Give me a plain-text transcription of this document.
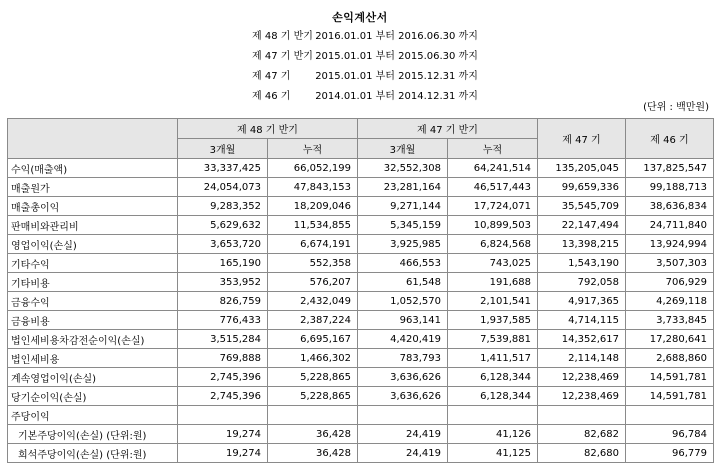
손익계산서
제 48 기 반기 2016.01.01 부터 2016.06.30 까지
제 47 기 반기 2015.01.01 부터 2015.06.30 까지
제 47 기 2015.01.01 부터 2015.12.31 까지
제 46 기 2014.01.01 부터 2014.12.31 까지
(단위 : 백만원)
	제 48 기 반기		제 47 기 반기		제 47 기	제 46 기
	3개월	누적	3개월	누적		
수익(매출액)	33,337,425	66,052,199	32,552,308	64,241,514	135,205,045	137,825,547
매출원가	24,054,073	47,843,153	23,281,164	46,517,443	99,659,336	99,188,713
매출총이익	9,283,352	18,209,046	9,271,144	17,724,071	35,545,709	38,636,834
판매비와관리비	5,629,632	11,534,855	5,345,159	10,899,503	22,147,494	24,711,840
영업이익(손실)	3,653,720	6,674,191	3,925,985	6,824,568	13,398,215	13,924,994
기타수익	165,190	552,358	466,553	743,025	1,543,190	3,507,303
기타비용	353,952	576,207	61,548	191,688	792,058	706,929
금융수익	826,759	2,432,049	1,052,570	2,101,541	4,917,365	4,269,118
금융비용	776,433	2,387,224	963,141	1,937,585	4,714,115	3,733,845
법인세비용차감전순이익(손실)	3,515,284	6,695,167	4,420,419	7,539,881	14,352,617	17,280,641
법인세비용	769,888	1,466,302	783,793	1,411,517	2,114,148	2,688,860
계속영업이익(손실)	2,745,396	5,228,865	3,636,626	6,128,344	12,238,469	14,591,781
당기순이익(손실)	2,745,396	5,228,865	3,636,626	6,128,344	12,238,469	14,591,781
주당이익						
기본주당이익(손실) (단위:원)	19,274	36,428	24,419	41,126	82,682	96,784
희석주당이익(손실) (단위:원)	19,274	36,428	24,419	41,125	82,680	96,779
